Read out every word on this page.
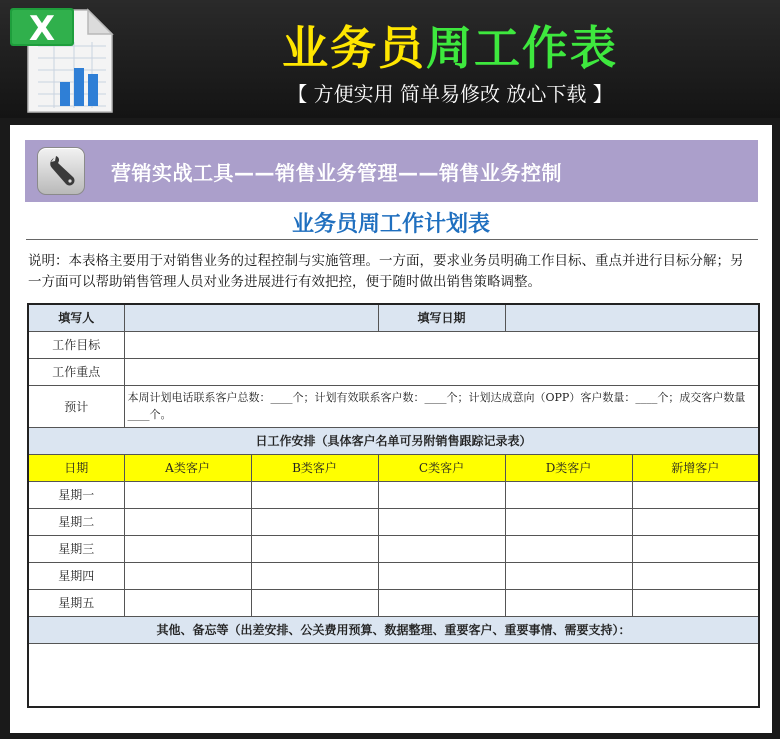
X	业务员周工作表
【 方便实用 简单易修改 放心下载 】
营销实战工具——销售业务管理——销售业务控制
业务员周工作计划表
说明：本表格主要用于对销售业务的过程控制与实施管理。一方面，要求业务员明确工作目标、重点并进行目标分解；另一方面可以帮助销售管理人员对业务进展进行有效把控，便于随时做出销售策略调整。
填写人			填写日期		
工作目标					
工作重点					
预计	本周计划电话联系客户总数：____个；计划有效联系客户数：____个；计划达成意向（OPP）客户数量：____个；成交客户数量____个。				
日工作安排（具体客户名单可另附销售跟踪记录表）					
日期	A类客户	B类客户	C类客户	D类客户	新增客户
星期一					
星期二					
星期三					
星期四					
星期五					
其他、备忘等（出差安排、公关费用预算、数据整理、重要客户、重要事情、需要支持）：					
